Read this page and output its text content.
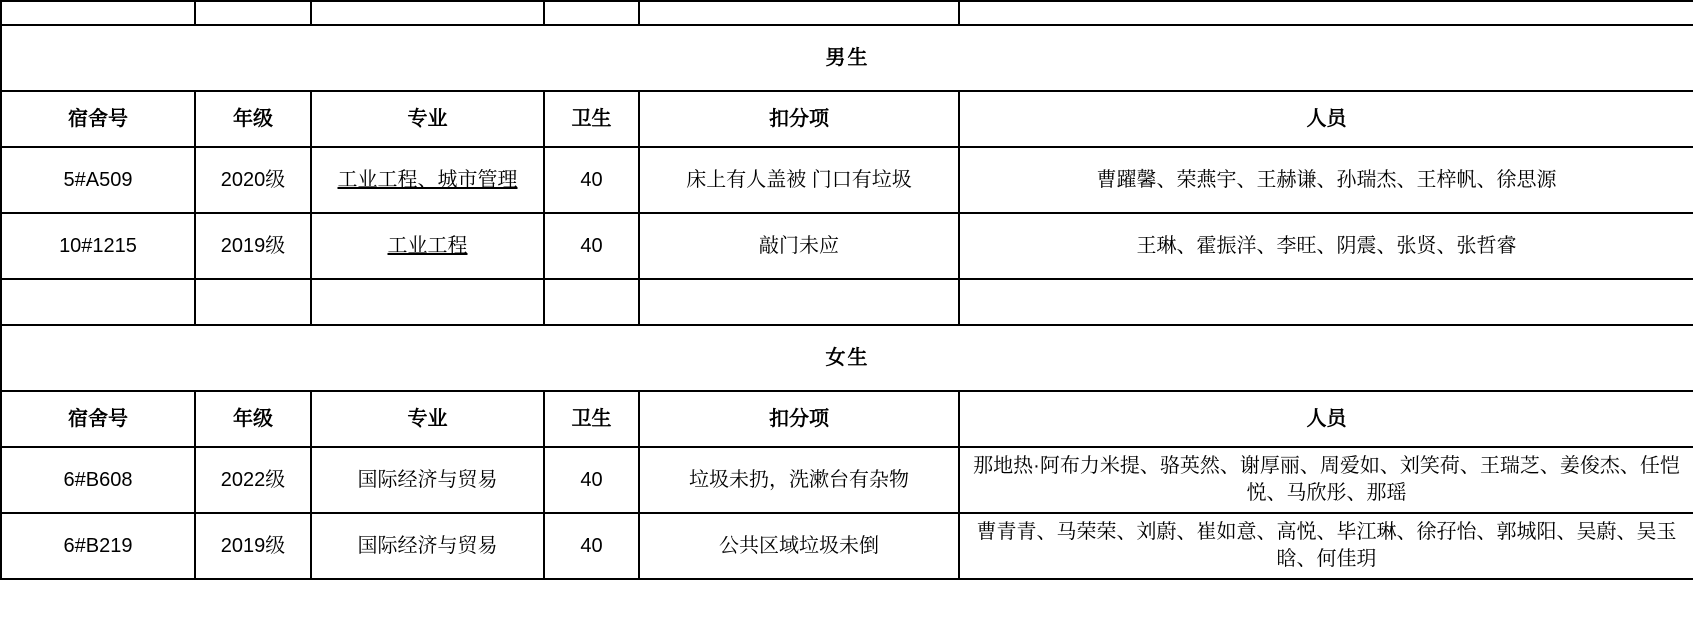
男生					
宿舍号	年级	专业	卫生	扣分项	人员
5#A509	2020级	工业工程、城市管理	40	床上有人盖被 门口有垃圾	曹躍馨、荣燕宇、王赫谦、孙瑞杰、王梓帆、徐思源
10#1215	2019级	工业工程	40	敲门未应	王琳、霍振洋、李旺、阴震、张贤、张哲睿

女生					
宿舍号	年级	专业	卫生	扣分项	人员
6#B608	2022级	国际经济与贸易	40	垃圾未扔，洗漱台有杂物	那地热·阿布力米提、骆英然、谢厚丽、周爱如、刘笑荷、王瑞芝、姜俊杰、任恺悦、马欣彤、那瑶
6#B219	2019级	国际经济与贸易	40	公共区域垃圾未倒	曹青青、马荣荣、刘蔚、崔如意、高悦、毕江琳、徐孖怡、郭城阳、吴蔚、吴玉晗、何佳玥
